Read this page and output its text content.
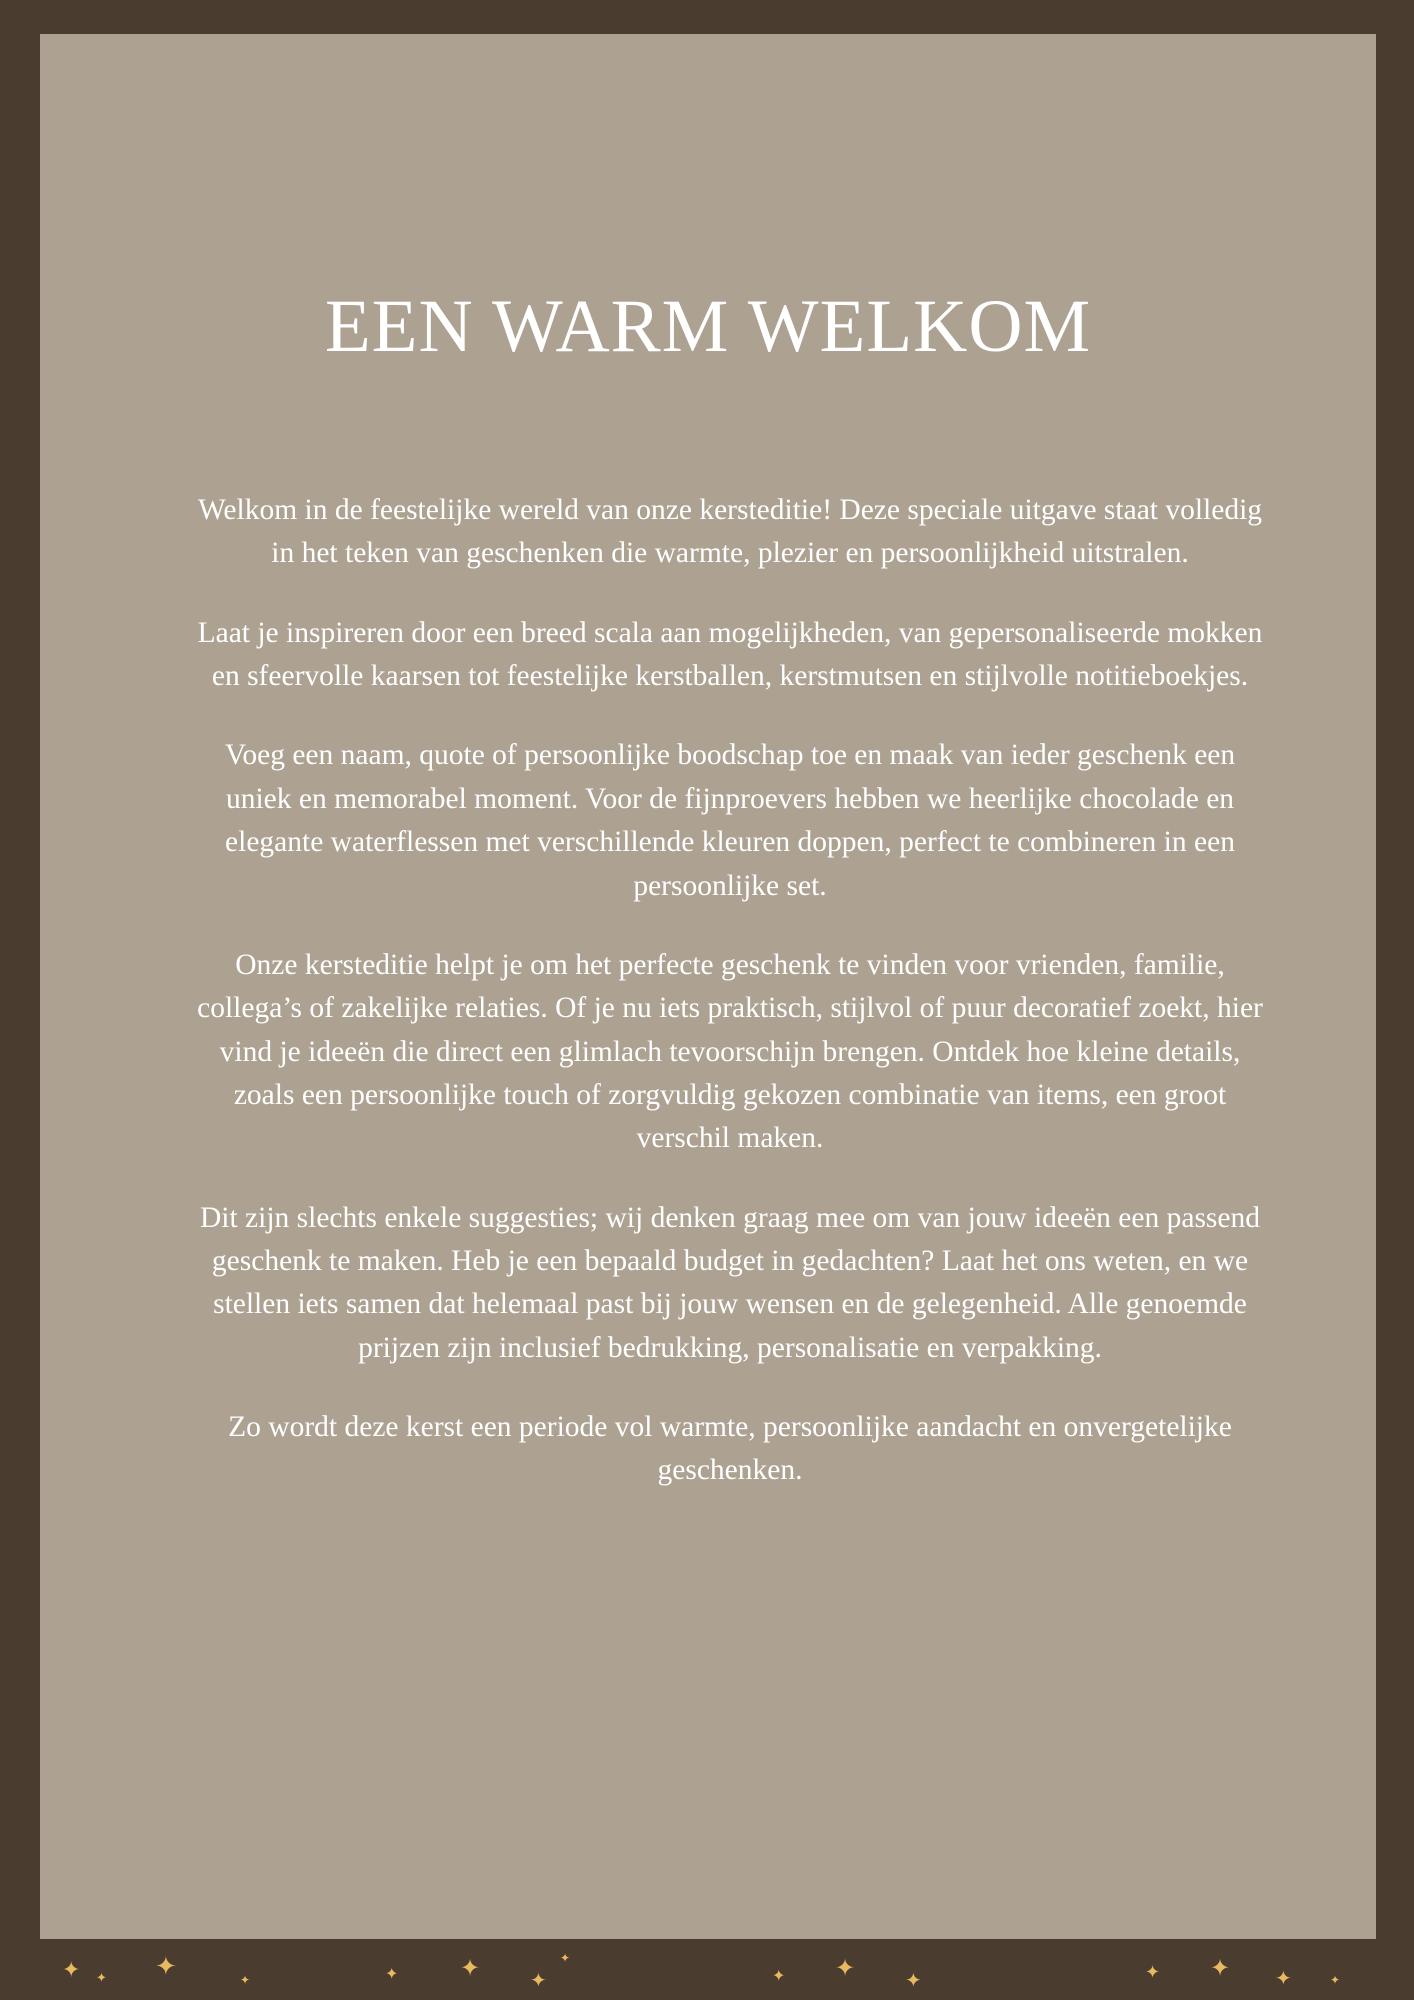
EEN WARM WELKOM

Welkom in de feestelijke wereld van onze kersteditie! Deze speciale uitgave staat volledig in het teken van geschenken die warmte, plezier en persoonlijkheid uitstralen.

Laat je inspireren door een breed scala aan mogelijkheden, van gepersonaliseerde mokken en sfeervolle kaarsen tot feestelijke kerstballen, kerstmutsen en stijlvolle notitieboekjes.

Voeg een naam, quote of persoonlijke boodschap toe en maak van ieder geschenk een uniek en memorabel moment. Voor de fijnproevers hebben we heerlijke chocolade en elegante waterflessen met verschillende kleuren doppen, perfect te combineren in een persoonlijke set.

Onze kersteditie helpt je om het perfecte geschenk te vinden voor vrienden, familie, collega’s of zakelijke relaties. Of je nu iets praktisch, stijlvol of puur decoratief zoekt, hier vind je ideeën die direct een glimlach tevoorschijn brengen. Ontdek hoe kleine details, zoals een persoonlijke touch of zorgvuldig gekozen combinatie van items, een groot verschil maken.

Dit zijn slechts enkele suggesties; wij denken graag mee om van jouw ideeën een passend geschenk te maken. Heb je een bepaald budget in gedachten? Laat het ons weten, en we stellen iets samen dat helemaal past bij jouw wensen en de gelegenheid. Alle genoemde prijzen zijn inclusief bedrukking, personalisatie en verpakking.

Zo wordt deze kerst een periode vol warmte, persoonlijke aandacht en onvergetelijke geschenken.

✦ ✦ ✦	✦	✦	✦ ✦
✦
✦ ✦ ✦	✦ ✦ ✦	✦
